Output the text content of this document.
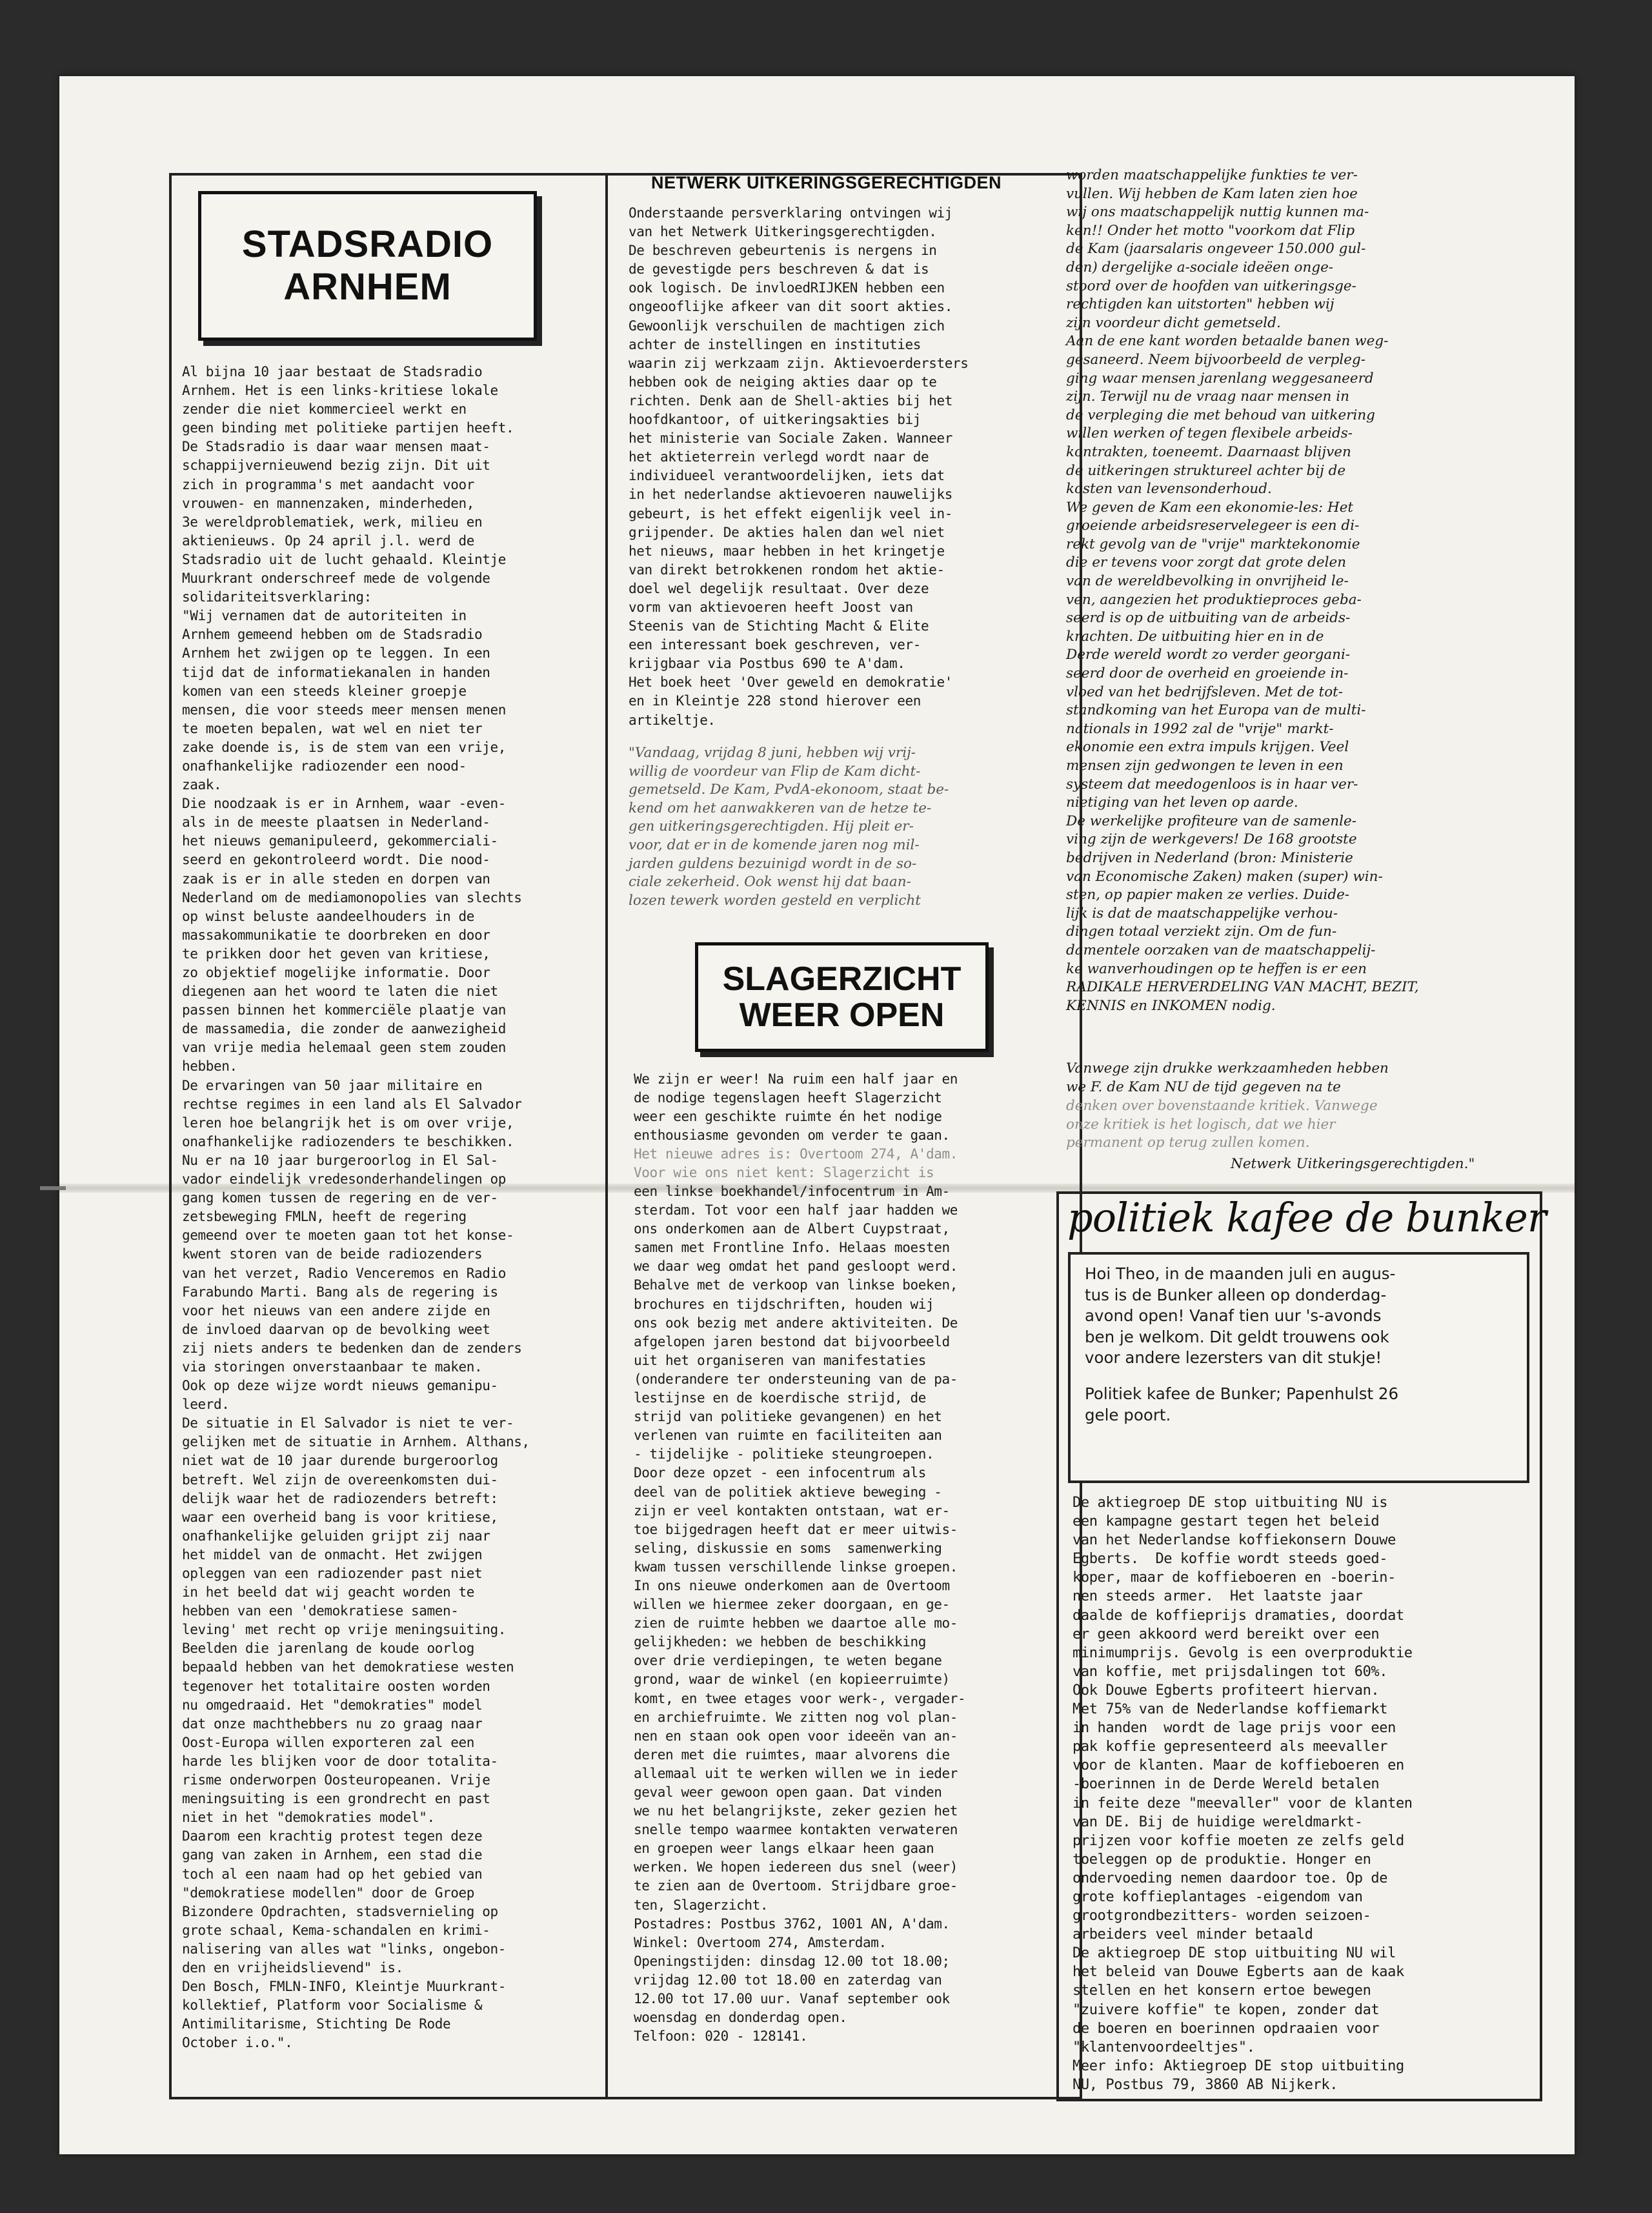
STADSRADIO
ARNHEM
Al bijna 10 jaar bestaat de Stadsradio
Arnhem. Het is een links-kritiese lokale
zender die niet kommercieel werkt en
geen binding met politieke partijen heeft.
De Stadsradio is daar waar mensen maat-
schappijvernieuwend bezig zijn. Dit uit
zich in programma's met aandacht voor
vrouwen- en mannenzaken, minderheden,
3e wereldproblematiek, werk, milieu en
aktienieuws. Op 24 april j.l. werd de
Stadsradio uit de lucht gehaald. Kleintje
Muurkrant onderschreef mede de volgende
solidariteitsverklaring:
"Wij vernamen dat de autoriteiten in
Arnhem gemeend hebben om de Stadsradio
Arnhem het zwijgen op te leggen. In een
tijd dat de informatiekanalen in handen
komen van een steeds kleiner groepje
mensen, die voor steeds meer mensen menen
te moeten bepalen, wat wel en niet ter
zake doende is, is de stem van een vrije,
onafhankelijke radiozender een nood-
zaak.
Die noodzaak is er in Arnhem, waar -even-
als in de meeste plaatsen in Nederland-
het nieuws gemanipuleerd, gekommerciali-
seerd en gekontroleerd wordt. Die nood-
zaak is er in alle steden en dorpen van
Nederland om de mediamonopolies van slechts
op winst beluste aandeelhouders in de
massakommunikatie te doorbreken en door
te prikken door het geven van kritiese,
zo objektief mogelijke informatie. Door
diegenen aan het woord te laten die niet
passen binnen het kommerciële plaatje van
de massamedia, die zonder de aanwezigheid
van vrije media helemaal geen stem zouden
hebben.
De ervaringen van 50 jaar militaire en
rechtse regimes in een land als El Salvador
leren hoe belangrijk het is om over vrije,
onafhankelijke radiozenders te beschikken.
Nu er na 10 jaar burgeroorlog in El Sal-
vador eindelijk vredesonderhandelingen op
gang komen tussen de regering en de ver-
zetsbeweging FMLN, heeft de regering
gemeend over te moeten gaan tot het konse-
kwent storen van de beide radiozenders
van het verzet, Radio Venceremos en Radio
Farabundo Marti. Bang als de regering is
voor het nieuws van een andere zijde en
de invloed daarvan op de bevolking weet
zij niets anders te bedenken dan de zenders
via storingen onverstaanbaar te maken.
Ook op deze wijze wordt nieuws gemanipu-
leerd.
De situatie in El Salvador is niet te ver-
gelijken met de situatie in Arnhem. Althans,
niet wat de 10 jaar durende burgeroorlog
betreft. Wel zijn de overeenkomsten dui-
delijk waar het de radiozenders betreft:
waar een overheid bang is voor kritiese,
onafhankelijke geluiden grijpt zij naar
het middel van de onmacht. Het zwijgen
opleggen van een radiozender past niet
in het beeld dat wij geacht worden te
hebben van een 'demokratiese samen-
leving' met recht op vrije meningsuiting.
Beelden die jarenlang de koude oorlog
bepaald hebben van het demokratiese westen
tegenover het totalitaire oosten worden
nu omgedraaid. Het "demokraties" model
dat onze machthebbers nu zo graag naar
Oost-Europa willen exporteren zal een
harde les blijken voor de door totalita-
risme onderworpen Oosteuropeanen. Vrije
meningsuiting is een grondrecht en past
niet in het "demokraties model".
Daarom een krachtig protest tegen deze
gang van zaken in Arnhem, een stad die
toch al een naam had op het gebied van
"demokratiese modellen" door de Groep
Bizondere Opdrachten, stadsvernieling op
grote schaal, Kema-schandalen en krimi-
nalisering van alles wat "links, ongebon-
den en vrijheidslievend" is.
Den Bosch, FMLN-INFO, Kleintje Muurkrant-
kollektief, Platform voor Socialisme &
Antimilitarisme, Stichting De Rode
October i.o.".
NETWERK UITKERINGSGERECHTIGDEN
Onderstaande persverklaring ontvingen wij
van het Netwerk Uitkeringsgerechtigden.
De beschreven gebeurtenis is nergens in
de gevestigde pers beschreven & dat is
ook logisch. De invloedRIJKEN hebben een
ongeooflijke afkeer van dit soort akties.
Gewoonlijk verschuilen de machtigen zich
achter de instellingen en instituties
waarin zij werkzaam zijn. Aktievoerdersters
hebben ook de neiging akties daar op te
richten. Denk aan de Shell-akties bij het
hoofdkantoor, of uitkeringsakties bij
het ministerie van Sociale Zaken. Wanneer
het aktieterrein verlegd wordt naar de
individueel verantwoordelijken, iets dat
in het nederlandse aktievoeren nauwelijks
gebeurt, is het effekt eigenlijk veel in-
grijpender. De akties halen dan wel niet
het nieuws, maar hebben in het kringetje
van direkt betrokkenen rondom het aktie-
doel wel degelijk resultaat. Over deze
vorm van aktievoeren heeft Joost van
Steenis van de Stichting Macht & Elite
een interessant boek geschreven, ver-
krijgbaar via Postbus 690 te A'dam.
Het boek heet 'Over geweld en demokratie'
en in Kleintje 228 stond hierover een
artikeltje.
"Vandaag, vrijdag 8 juni, hebben wij vrij-
willig de voordeur van Flip de Kam dicht-
gemetseld. De Kam, PvdA-ekonoom, staat be-
kend om het aanwakkeren van de hetze te-
gen uitkeringsgerechtigden. Hij pleit er-
voor, dat er in de komende jaren nog mil-
jarden guldens bezuinigd wordt in de so-
ciale zekerheid. Ook wenst hij dat baan-
lozen tewerk worden gesteld en verplicht
SLAGERZICHT
WEER OPEN
We zijn er weer! Na ruim een half jaar en
de nodige tegenslagen heeft Slagerzicht
weer een geschikte ruimte én het nodige
enthousiasme gevonden om verder te gaan.
Het nieuwe adres is: Overtoom 274, A'dam.
Voor wie ons niet kent: Slagerzicht is
een linkse boekhandel/infocentrum in Am-
sterdam. Tot voor een half jaar hadden we
ons onderkomen aan de Albert Cuypstraat,
samen met Frontline Info. Helaas moesten
we daar weg omdat het pand gesloopt werd.
Behalve met de verkoop van linkse boeken,
brochures en tijdschriften, houden wij
ons ook bezig met andere aktiviteiten. De
afgelopen jaren bestond dat bijvoorbeeld
uit het organiseren van manifestaties
(onderandere ter ondersteuning van de pa-
lestijnse en de koerdische strijd, de
strijd van politieke gevangenen) en het
verlenen van ruimte en faciliteiten aan
- tijdelijke - politieke steungroepen.
Door deze opzet - een infocentrum als
deel van de politiek aktieve beweging -
zijn er veel kontakten ontstaan, wat er-
toe bijgedragen heeft dat er meer uitwis-
seling, diskussie en soms  samenwerking
kwam tussen verschillende linkse groepen.
In ons nieuwe onderkomen aan de Overtoom
willen we hiermee zeker doorgaan, en ge-
zien de ruimte hebben we daartoe alle mo-
gelijkheden: we hebben de beschikking
over drie verdiepingen, te weten begane
grond, waar de winkel (en kopieerruimte)
komt, en twee etages voor werk-, vergader-
en archiefruimte. We zitten nog vol plan-
nen en staan ook open voor ideeën van an-
deren met die ruimtes, maar alvorens die
allemaal uit te werken willen we in ieder
geval weer gewoon open gaan. Dat vinden
we nu het belangrijkste, zeker gezien het
snelle tempo waarmee kontakten verwateren
en groepen weer langs elkaar heen gaan
werken. We hopen iedereen dus snel (weer)
te zien aan de Overtoom. Strijdbare groe-
ten, Slagerzicht.
Postadres: Postbus 3762, 1001 AN, A'dam.
Winkel: Overtoom 274, Amsterdam.
Openingstijden: dinsdag 12.00 tot 18.00;
vrijdag 12.00 tot 18.00 en zaterdag van
12.00 tot 17.00 uur. Vanaf september ook
woensdag en donderdag open.
Telfoon: 020 - 128141.
worden maatschappelijke funkties te ver-
vullen. Wij hebben de Kam laten zien hoe
wij ons maatschappelijk nuttig kunnen ma-
ken!! Onder het motto "voorkom dat Flip
de Kam (jaarsalaris ongeveer 150.000 gul-
den) dergelijke a-sociale ideëen onge-
stoord over de hoofden van uitkeringsge-
rechtigden kan uitstorten" hebben wij
zijn voordeur dicht gemetseld.
Aan de ene kant worden betaalde banen weg-
gesaneerd. Neem bijvoorbeeld de verpleg-
ging waar mensen jarenlang weggesaneerd
zijn. Terwijl nu de vraag naar mensen in
de verpleging die met behoud van uitkering
willen werken of tegen flexibele arbeids-
kontrakten, toeneemt. Daarnaast blijven
de uitkeringen struktureel achter bij de
kosten van levensonderhoud.
We geven de Kam een ekonomie-les: Het
groeiende arbeidsreservelegeer is een di-
rekt gevolg van de "vrije" marktekonomie
die er tevens voor zorgt dat grote delen
van de wereldbevolking in onvrijheid le-
ven, aangezien het produktieproces geba-
seerd is op de uitbuiting van de arbeids-
krachten. De uitbuiting hier en in de
Derde wereld wordt zo verder georgani-
seerd door de overheid en groeiende in-
vloed van het bedrijfsleven. Met de tot-
standkoming van het Europa van de multi-
nationals in 1992 zal de "vrije" markt-
ekonomie een extra impuls krijgen. Veel
mensen zijn gedwongen te leven in een
systeem dat meedogenloos is in haar ver-
nietiging van het leven op aarde.
De werkelijke profiteure van de samenle-
ving zijn de werkgevers! De 168 grootste
bedrijven in Nederland (bron: Ministerie
van Economische Zaken) maken (super) win-
sten, op papier maken ze verlies. Duide-
lijk is dat de maatschappelijke verhou-
dingen totaal verziekt zijn. Om de fun-
damentele oorzaken van de maatschappelij-
ke wanverhoudingen op te heffen is er een
RADIKALE HERVERDELING VAN MACHT, BEZIT,
KENNIS en INKOMEN nodig.
Vanwege zijn drukke werkzaamheden hebben
we F. de Kam NU de tijd gegeven na te
denken over bovenstaande kritiek. Vanwege
onze kritiek is het logisch, dat we hier
permanent op terug zullen komen.
Netwerk Uitkeringsgerechtigden."
politiek kafee de bunker
Hoi Theo, in de maanden juli en augus-
tus is de Bunker alleen op donderdag-
avond open! Vanaf tien uur 's-avonds
ben je welkom. Dit geldt trouwens ook
voor andere lezersters van dit stukje!
Politiek kafee de Bunker; Papenhulst 26
gele poort.
De aktiegroep DE stop uitbuiting NU is
een kampagne gestart tegen het beleid
van het Nederlandse koffiekonsern Douwe
Egberts.  De koffie wordt steeds goed-
koper, maar de koffieboeren en -boerin-
nen steeds armer.  Het laatste jaar
daalde de koffieprijs dramaties, doordat
er geen akkoord werd bereikt over een
minimumprijs. Gevolg is een overproduktie
van koffie, met prijsdalingen tot 60%.
Ook Douwe Egberts profiteert hiervan.
Met 75% van de Nederlandse koffiemarkt
in handen  wordt de lage prijs voor een
pak koffie gepresenteerd als meevaller
voor de klanten. Maar de koffieboeren en
-boerinnen in de Derde Wereld betalen
in feite deze "meevaller" voor de klanten
van DE. Bij de huidige wereldmarkt-
prijzen voor koffie moeten ze zelfs geld
toeleggen op de produktie. Honger en
ondervoeding nemen daardoor toe. Op de
grote koffieplantages -eigendom van
grootgrondbezitters- worden seizoen-
arbeiders veel minder betaald
De aktiegroep DE stop uitbuiting NU wil
het beleid van Douwe Egberts aan de kaak
stellen en het konsern ertoe bewegen
"zuivere koffie" te kopen, zonder dat
de boeren en boerinnen opdraaien voor
"klantenvoordeeltjes".
Meer info: Aktiegroep DE stop uitbuiting
NU, Postbus 79, 3860 AB Nijkerk.
